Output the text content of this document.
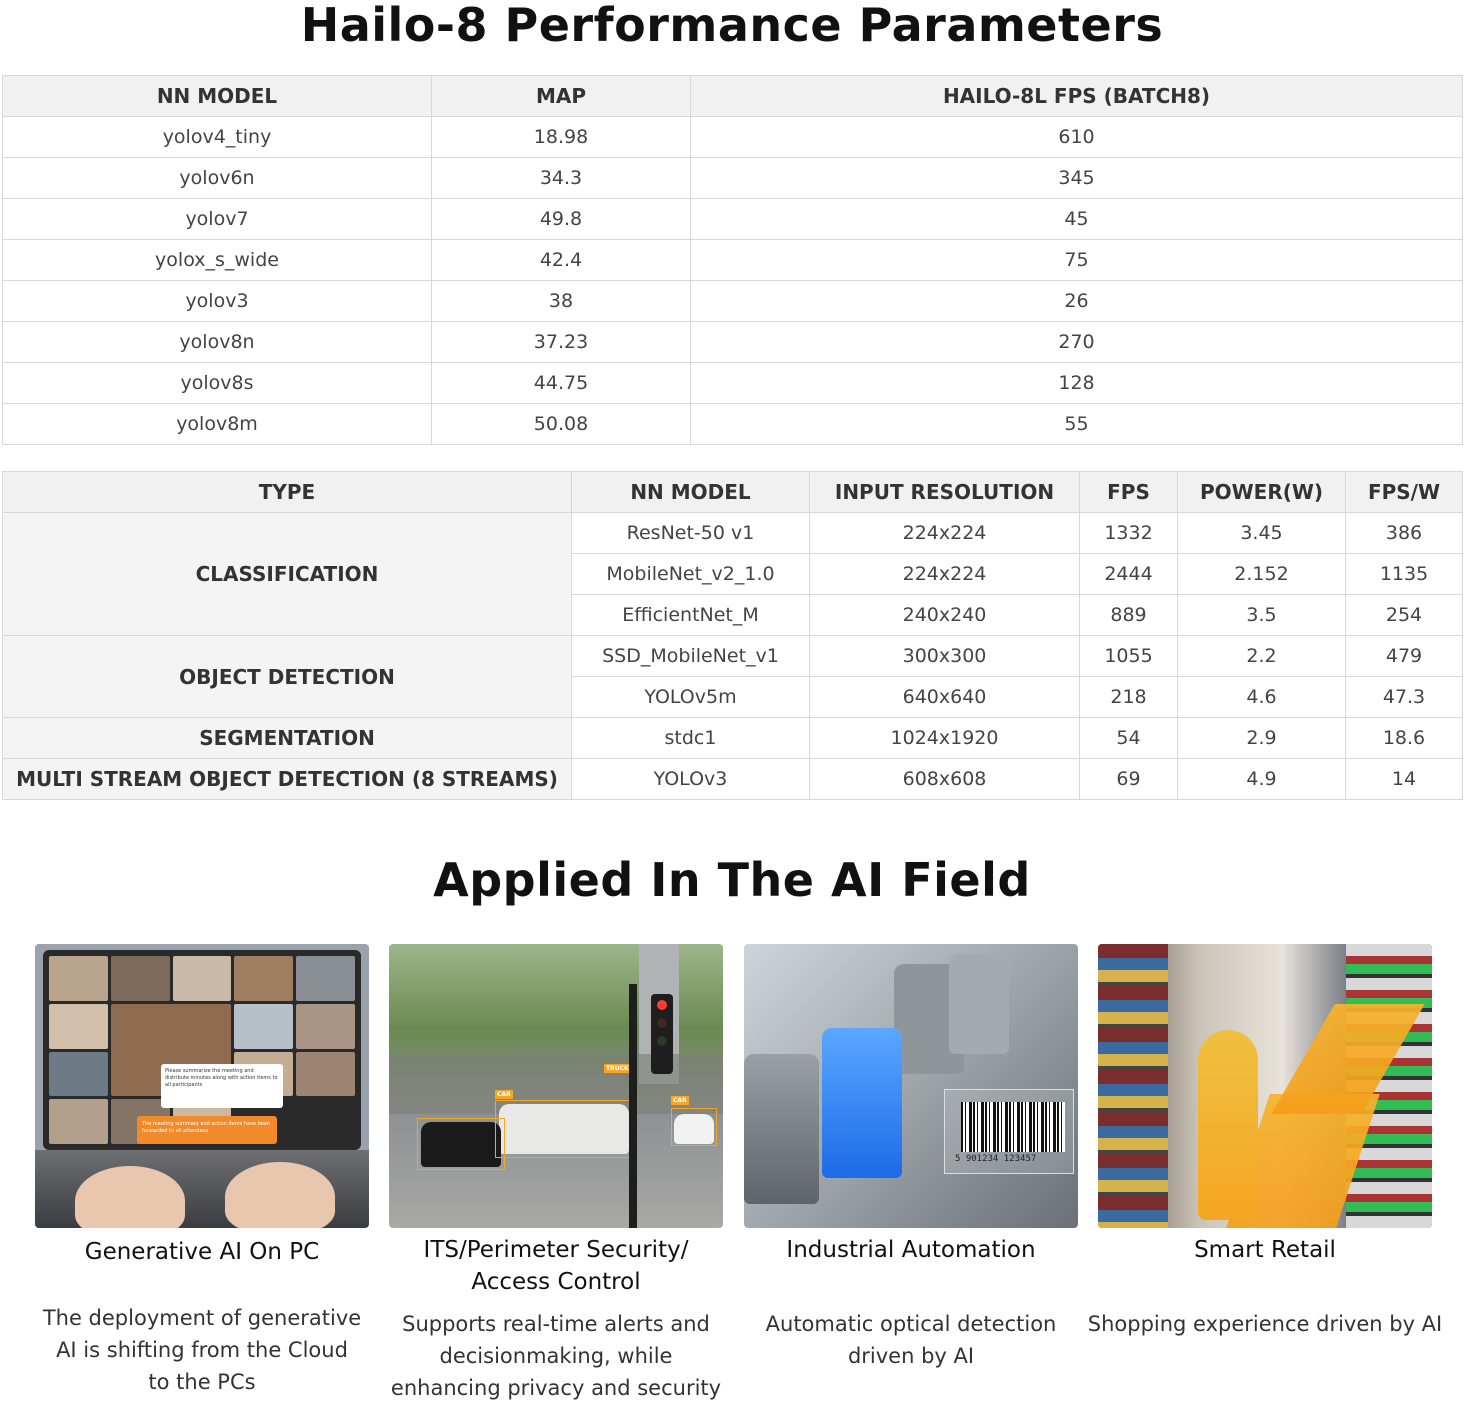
Hailo-8 Performance Parameters
NN MODEL	MAP	HAILO-8L FPS (BATCH8)
yolov4_tiny	18.98	610
yolov6n	34.3	345
yolov7	49.8	45
yolox_s_wide	42.4	75
yolov3	38	26
yolov8n	37.23	270
yolov8s	44.75	128
yolov8m	50.08	55
TYPE	NN MODEL	INPUT RESOLUTION	FPS	POWER(W)	FPS/W
CLASSIFICATION	ResNet-50 v1	224x224	1332	3.45	386
	MobileNet_v2_1.0	224x224	2444	2.152	1135
	EfficientNet_M	240x240	889	3.5	254
OBJECT DETECTION	SSD_MobileNet_v1	300x300	1055	2.2	479
	YOLOv5m	640x640	218	4.6	47.3
SEGMENTATION	stdc1	1024x1920	54	2.9	18.6
MULTI STREAM OBJECT DETECTION (8 STREAMS)	YOLOv3	608x608	69	4.9	14
Applied In The AI Field
Please summarize the meeting and distribute minutes along with action items to all participants
The meeting summary and action items have been forwarded to all attendees
Generative AI On PC
The deployment of generative
AI is shifting from the Cloud
to the PCs
CAR
TRUCK
CAR
ITS/Perimeter Security/
Access Control
Supports real-time alerts and
decisionmaking, while
enhancing privacy and security
5 901234 123457
Industrial Automation
Automatic optical detection
driven by AI
Smart Retail
Shopping experience driven by AI
